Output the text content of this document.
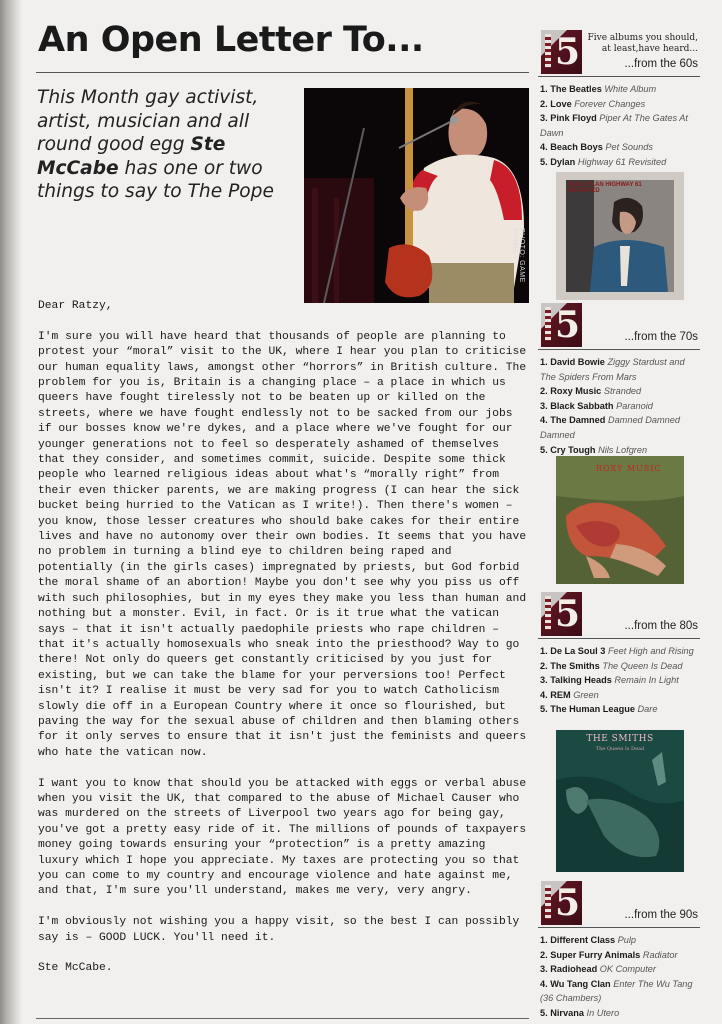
An Open Letter To...
This Month gay activist, artist, musician and all round good egg Ste McCabe has one or two things to say to The Pope
PHOTO: GAME HOWIE

Dear Ratzy,

I'm sure you will have heard that thousands of people are planning to protest your “moral” visit to the UK, where I hear you plan to criticise our human equality laws, amongst other “horrors” in British culture. The problem for you is, Britain is a changing place – a place in which us queers have fought tirelessly not to be beaten up or killed on the streets, where we have fought endlessly not to be sacked from our jobs if our bosses know we're dykes, and a place where we've fought for our younger generations not to feel so desperately ashamed of themselves that they consider, and sometimes commit, suicide. Despite some thick people who learned religious ideas about what's “morally right” from their even thicker parents, we are making progress (I can hear the sick bucket being hurried to the Vatican as I write!). Then there's women – you know, those lesser creatures who should bake cakes for their entire lives and have no autonomy over their own bodies. It seems that you have no problem in turning a blind eye to children being raped and potentially (in the girls cases) impregnated by priests, but God forbid the moral shame of an abortion! Maybe you don't see why you piss us off with such philosophies, but in my eyes they make you less than human and nothing but a monster. Evil, in fact. Or is it true what the vatican says – that it isn't actually paedophile priests who rape children – that it's actually homosexuals who sneak into the priesthood? Way to go there! Not only do queers get constantly criticised by you just for existing, but we can take the blame for your perversions too! Perfect isn't it? I realise it must be very sad for you to watch Catholicism slowly die off in a European Country where it once so flourished, but paving the way for the sexual abuse of children and then blaming others for it only serves to ensure that it isn't just the feminists and queers who hate the vatican now.

I want you to know that should you be attacked with eggs or verbal abuse when you visit the UK, that compared to the abuse of Michael Causer who was murdered on the streets of Liverpool two years ago for being gay, you've got a pretty easy ride of it. The millions of pounds of taxpayers money going towards ensuring your “protection” is a pretty amazing luxury which I hope you appreciate. My taxes are protecting you so that you can come to my country and encourage violence and hate against me, and that, I'm sure you'll understand, makes me very, very angry.

I'm obviously not wishing you a happy visit, so the best I can possibly say is – GOOD LUCK. You'll need it.

Ste McCabe.

5 Five albums you should, at least,have heard...
...from the 60s
1. The Beatles White Album
2. Love Forever Changes
3. Pink Floyd Piper At The Gates At Dawn
4. Beach Boys Pet Sounds
5. Dylan Highway 61 Revisited
BOB DYLAN HIGHWAY 61 REVISITED
5	...from the 70s
1. David Bowie Ziggy Stardust and The Spiders From Mars
2. Roxy Music Stranded
3. Black Sabbath Paranoid
4. The Damned Damned Damned Damned
5. Cry Tough Nils Lofgren
ROXY MUSIC
5	...from the 80s
1. De La Soul 3 Feet High and Rising
2. The Smiths The Queen Is Dead
3. Talking Heads Remain In Light
4. REM Green
5. The Human League Dare
THE SMITHS
The Queen Is Dead
5	...from the 90s
1. Different Class Pulp
2. Super Furry Animals Radiator
3. Radiohead OK Computer
4. Wu Tang Clan Enter The Wu Tang (36 Chambers)
5. Nirvana In Utero
